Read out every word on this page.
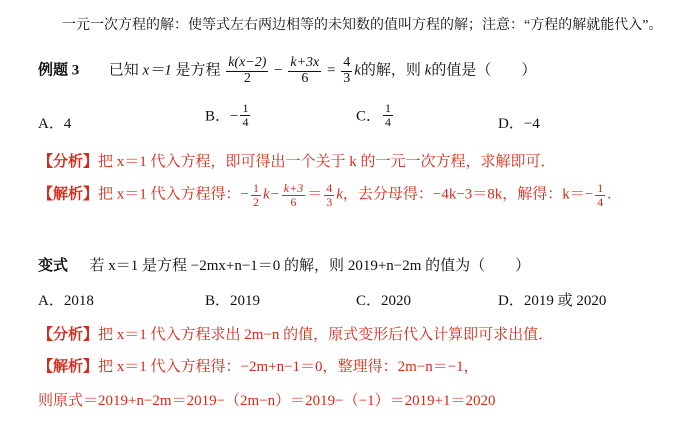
一元一次方程的解：使等式左右两边相等的未知数的值叫方程的解；注意：“方程的解就能代入”。
例题 3 已知 x＝1 是方程 $\frac{k(x-2)}{2} - \frac{k+3x}{6} = \frac{4}{3}$ k的解，则 k的值是（　　）
A．4	B．− $\frac{1}{4}$	C． $\frac{1}{4}$	D．−4
【分析】把 x＝1 代入方程，即可得出一个关于 k 的一元一次方程，求解即可．
【解析】把 x＝1 代入方程得：− $\frac{1}{2} k- \frac{k+3}{6} = \frac{4}{3}$ k，去分母得：−4k−3＝8k，解得：$k=- \frac{1}{4}$ .
变式 若 x＝1 是方程 −2mx+n−1＝0 的解，则 2019+n−2m 的值为（　　）
A．2018	B．2019	C．2020	D．2019 或 2020
【分析】把 x＝1 代入方程求出 2m−n 的值，原式变形后代入计算即可求出值．
【解析】把 x＝1 代入方程得：−2m+n−1＝0，整理得：2m−n＝−1，
则原式＝2019+n−2m＝2019−（2m−n）＝2019−（−1）＝2019+1＝2020
